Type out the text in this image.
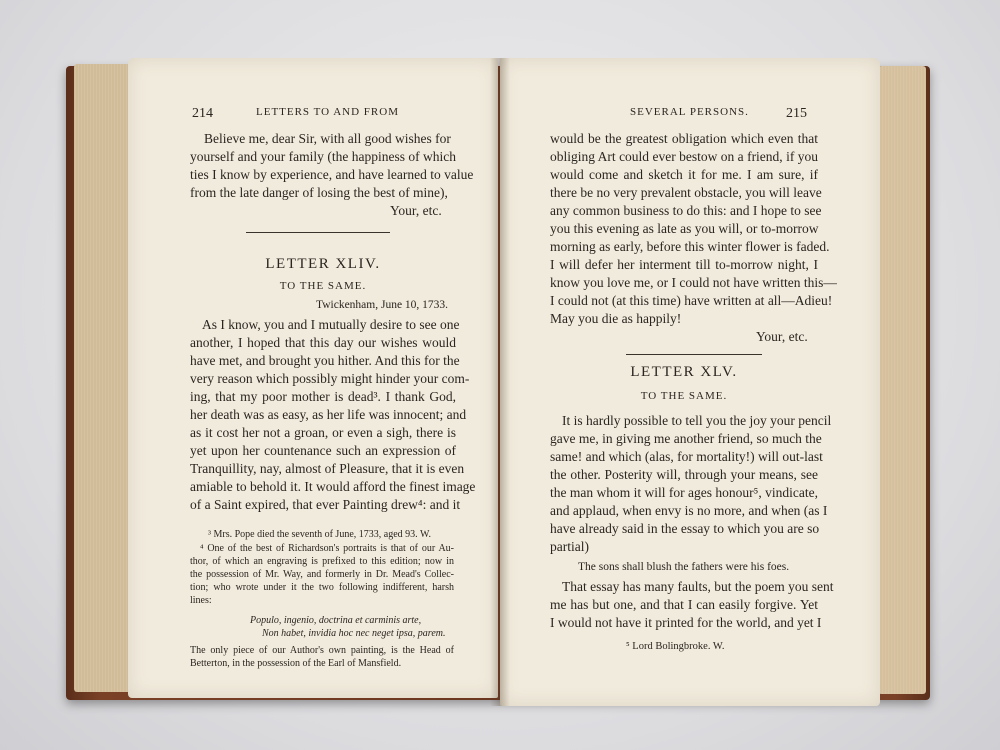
214	LETTERS TO AND FROM
Believe me, dear Sir, with all good wishes for
yourself and your family (the happiness of which
ties I know by experience, and have learned to value
from the late danger of losing the best of mine),
Your, etc.
LETTER XLIV.
TO THE SAME.
Twickenham, June 10, 1733.
As I know, you and I mutually desire to see one
another, I hoped that this day our wishes would
have met, and brought you hither. And this for the
very reason which possibly might hinder your com-
ing, that my poor mother is dead³. I thank God,
her death was as easy, as her life was innocent; and
as it cost her not a groan, or even a sigh, there is
yet upon her countenance such an expression of
Tranquillity, nay, almost of Pleasure, that it is even
amiable to behold it. It would afford the finest image
of a Saint expired, that ever Painting drew⁴: and it
³ Mrs. Pope died the seventh of June, 1733, aged 93. W.
⁴ One of the best of Richardson's portraits is that of our Au-
thor, of which an engraving is prefixed to this edition; now in
the possession of Mr. Way, and formerly in Dr. Mead's Collec-
tion; who wrote under it the two following indifferent, harsh
lines:
Populo, ingenio, doctrina et carminis arte,
Non habet, invidia hoc nec neget ipsa, parem.
The only piece of our Author's own painting, is the Head of
Betterton, in the possession of the Earl of Mansfield.
SEVERAL PERSONS.	215
would be the greatest obligation which even that
obliging Art could ever bestow on a friend, if you
would come and sketch it for me. I am sure, if
there be no very prevalent obstacle, you will leave
any common business to do this: and I hope to see
you this evening as late as you will, or to-morrow
morning as early, before this winter flower is faded.
I will defer her interment till to-morrow night, I
know you love me, or I could not have written this—
I could not (at this time) have written at all—Adieu!
May you die as happily!
Your, etc.
LETTER XLV.
TO THE SAME.
It is hardly possible to tell you the joy your pencil
gave me, in giving me another friend, so much the
same! and which (alas, for mortality!) will out-last
the other. Posterity will, through your means, see
the man whom it will for ages honour⁵, vindicate,
and applaud, when envy is no more, and when (as I
have already said in the essay to which you are so
partial)
The sons shall blush the fathers were his foes.
That essay has many faults, but the poem you sent
me has but one, and that I can easily forgive. Yet
I would not have it printed for the world, and yet I
⁵ Lord Bolingbroke. W.
